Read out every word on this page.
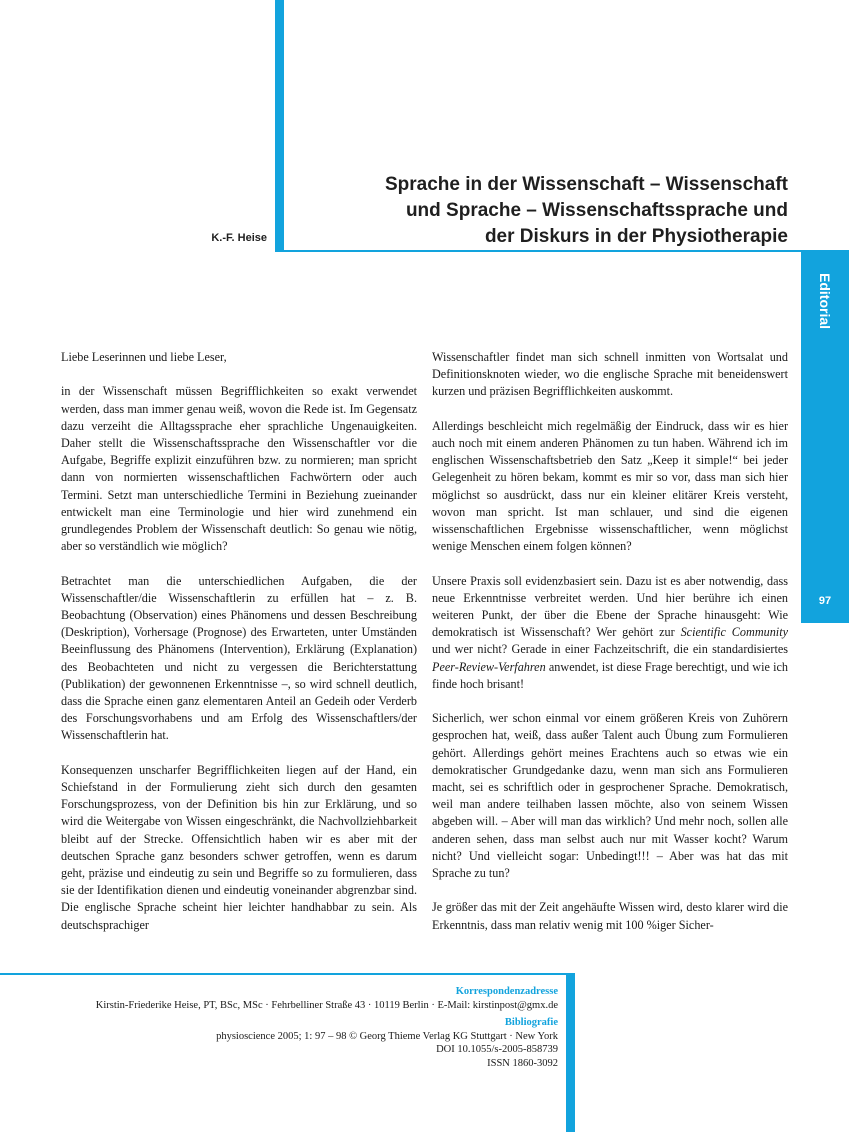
Editorial
97
Sprache in der Wissenschaft – Wissenschaft
und Sprache – Wissenschaftssprache und
der Diskurs in der Physiotherapie
K.-F. Heise

Liebe Leserinnen und liebe Leser,

in der Wissenschaft müssen Begrifflichkeiten so exakt verwendet werden, dass man immer genau weiß, wovon die Rede ist. Im Gegensatz dazu verzeiht die Alltagssprache eher sprachliche Ungenauigkeiten. Daher stellt die Wissenschaftssprache den Wissenschaftler vor die Aufgabe, Begriffe explizit einzuführen bzw. zu normieren; man spricht dann von normierten wissenschaftlichen Fachwörtern oder auch Termini. Setzt man unterschiedliche Termini in Beziehung zueinander entwickelt man eine Terminologie und hier wird zunehmend ein grundlegendes Problem der Wissenschaft deutlich: So genau wie nötig, aber so verständlich wie möglich?

Betrachtet man die unterschiedlichen Aufgaben, die der Wissenschaftler/die Wissenschaftlerin zu erfüllen hat – z. B. Beobachtung (Observation) eines Phänomens und dessen Beschreibung (Deskription), Vorhersage (Prognose) des Erwarteten, unter Umständen Beeinflussung des Phänomens (Intervention), Erklärung (Explanation) des Beobachteten und nicht zu vergessen die Berichterstattung (Publikation) der gewonnenen Erkenntnisse –, so wird schnell deutlich, dass die Sprache einen ganz elementaren Anteil an Gedeih oder Verderb des Forschungsvorhabens und am Erfolg des Wissenschaftlers/der Wissenschaftlerin hat.

Konsequenzen unscharfer Begrifflichkeiten liegen auf der Hand, ein Schiefstand in der Formulierung zieht sich durch den gesamten Forschungsprozess, von der Definition bis hin zur Erklärung, und so wird die Weitergabe von Wissen eingeschränkt, die Nachvollziehbarkeit bleibt auf der Strecke. Offensichtlich haben wir es aber mit der deutschen Sprache ganz besonders schwer getroffen, wenn es darum geht, präzise und eindeutig zu sein und Begriffe so zu formulieren, dass sie der Identifikation dienen und eindeutig voneinander abgrenzbar sind. Die englische Sprache scheint hier leichter handhabbar zu sein. Als deutschsprachiger

Wissenschaftler findet man sich schnell inmitten von Wortsalat und Definitionsknoten wieder, wo die englische Sprache mit beneidenswert kurzen und präzisen Begrifflichkeiten auskommt.

Allerdings beschleicht mich regelmäßig der Eindruck, dass wir es hier auch noch mit einem anderen Phänomen zu tun haben. Während ich im englischen Wissenschaftsbetrieb den Satz „Keep it simple!“ bei jeder Gelegenheit zu hören bekam, kommt es mir so vor, dass man sich hier möglichst so ausdrückt, dass nur ein kleiner elitärer Kreis versteht, wovon man spricht. Ist man schlauer, und sind die eigenen wissenschaftlichen Ergebnisse wissenschaftlicher, wenn möglichst wenige Menschen einem folgen können?

Unsere Praxis soll evidenzbasiert sein. Dazu ist es aber notwendig, dass neue Erkenntnisse verbreitet werden. Und hier berühre ich einen weiteren Punkt, der über die Ebene der Sprache hinausgeht: Wie demokratisch ist Wissenschaft? Wer gehört zur Scientific Community und wer nicht? Gerade in einer Fachzeitschrift, die ein standardisiertes Peer-Review-Verfahren anwendet, ist diese Frage berechtigt, und wie ich finde hoch brisant!

Sicherlich, wer schon einmal vor einem größeren Kreis von Zuhörern gesprochen hat, weiß, dass außer Talent auch Übung zum Formulieren gehört. Allerdings gehört meines Erachtens auch so etwas wie ein demokratischer Grundgedanke dazu, wenn man sich ans Formulieren macht, sei es schriftlich oder in gesprochener Sprache. Demokratisch, weil man andere teilhaben lassen möchte, also von seinem Wissen abgeben will. – Aber will man das wirklich? Und mehr noch, sollen alle anderen sehen, dass man selbst auch nur mit Wasser kocht? Warum nicht? Und vielleicht sogar: Unbedingt!!! – Aber was hat das mit Sprache zu tun?

Je größer das mit der Zeit angehäufte Wissen wird, desto klarer wird die Erkenntnis, dass man relativ wenig mit 100 %iger Sicher-

Korrespondenzadresse
Kirstin-Friederike Heise, PT, BSc, MSc · Fehrbelliner Straße 43 · 10119 Berlin · E-Mail: kirstinpost@gmx.de
Bibliografie
physioscience 2005; 1: 97 – 98 © Georg Thieme Verlag KG Stuttgart · New York
DOI 10.1055/s-2005-858739
ISSN 1860-3092
